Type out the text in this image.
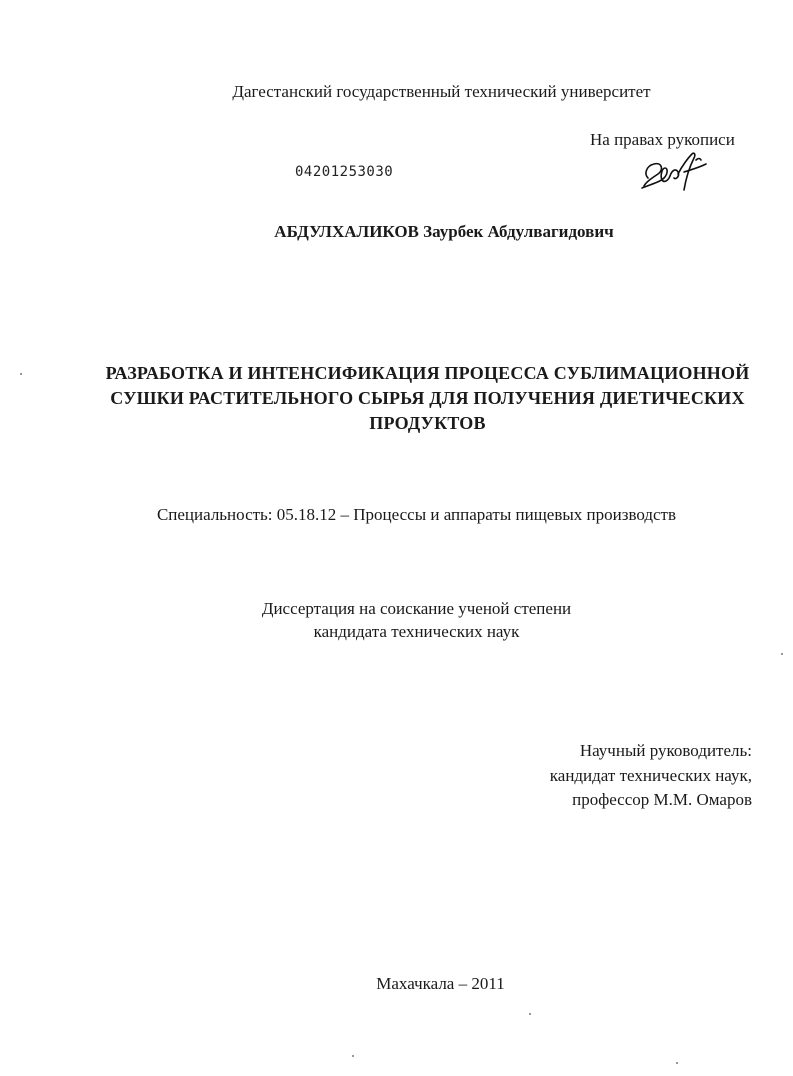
Дагестанский государственный технический университет
На правах рукописи
04201253030
АБДУЛХАЛИКОВ Заурбек Абдулвагидович
РАЗРАБОТКА И ИНТЕНСИФИКАЦИЯ ПРОЦЕССА СУБЛИМАЦИОННОЙ
СУШКИ РАСТИТЕЛЬНОГО СЫРЬЯ ДЛЯ ПОЛУЧЕНИЯ ДИЕТИЧЕСКИХ
ПРОДУКТОВ
Специальность: 05.18.12 – Процессы и аппараты пищевых производств
Диссертация на соискание ученой степени
кандидата технических наук
Научный руководитель:
кандидат технических наук,
профессор М.М. Омаров
Махачкала – 2011
